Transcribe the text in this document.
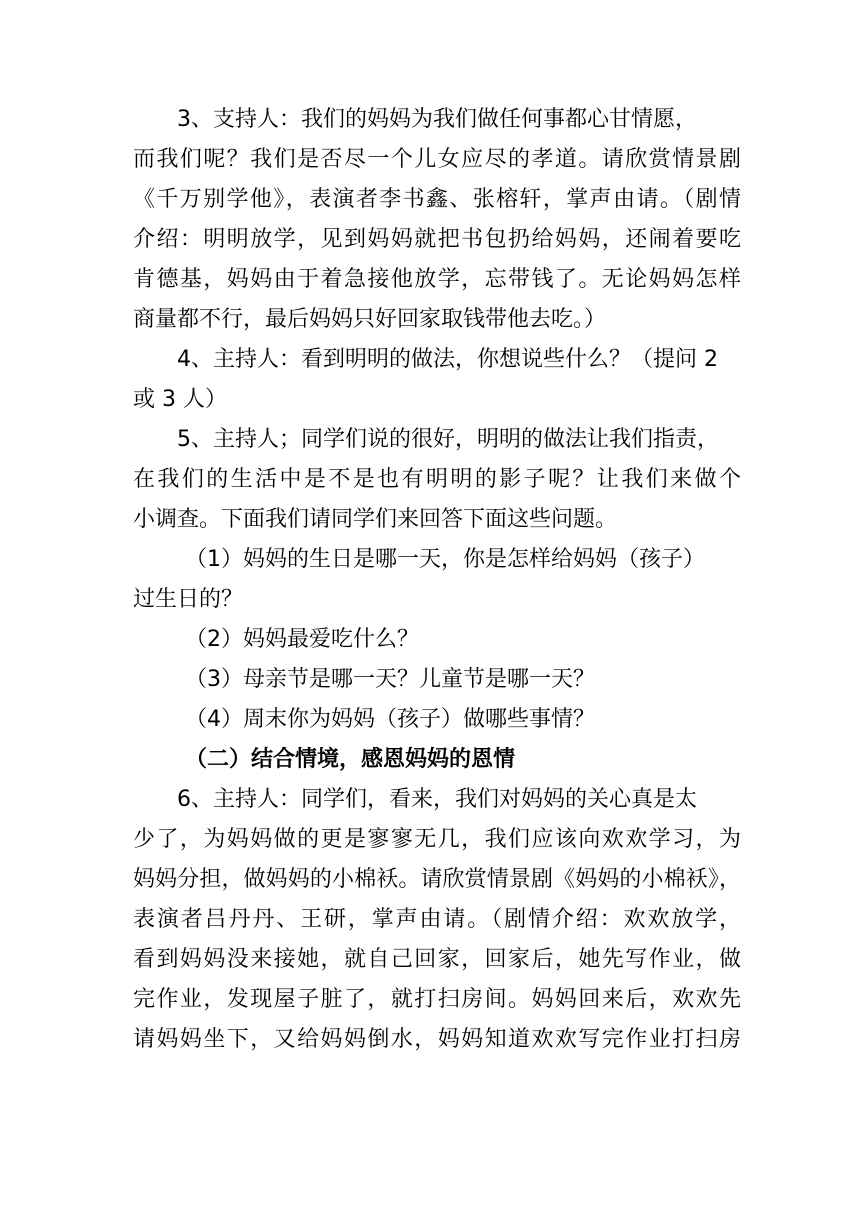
3、支持人：我们的妈妈为我们做任何事都心甘情愿，
而我们呢？我们是否尽一个儿女应尽的孝道。请欣赏情景剧
《千万别学他》，表演者李书鑫、张榕轩，掌声由请。（剧情
介绍：明明放学，见到妈妈就把书包扔给妈妈，还闹着要吃
肯德基，妈妈由于着急接他放学，忘带钱了。无论妈妈怎样
商量都不行，最后妈妈只好回家取钱带他去吃。）
4、主持人：看到明明的做法，你想说些什么？（提问 2
或 3 人）
5、主持人；同学们说的很好，明明的做法让我们指责，
在我们的生活中是不是也有明明的影子呢？让我们来做个
小调查。下面我们请同学们来回答下面这些问题。
（1）妈妈的生日是哪一天，你是怎样给妈妈（孩子）
过生日的？
（2）妈妈最爱吃什么？
（3）母亲节是哪一天？儿童节是哪一天？
（4）周末你为妈妈（孩子）做哪些事情？
（二）结合情境，感恩妈妈的恩情
6、主持人：同学们，看来，我们对妈妈的关心真是太
少了，为妈妈做的更是寥寥无几，我们应该向欢欢学习，为
妈妈分担，做妈妈的小棉袄。请欣赏情景剧《妈妈的小棉袄》，
表演者吕丹丹、王研，掌声由请。（剧情介绍：欢欢放学，
看到妈妈没来接她，就自己回家，回家后，她先写作业，做
完作业，发现屋子脏了，就打扫房间。妈妈回来后，欢欢先
请妈妈坐下，又给妈妈倒水，妈妈知道欢欢写完作业打扫房
